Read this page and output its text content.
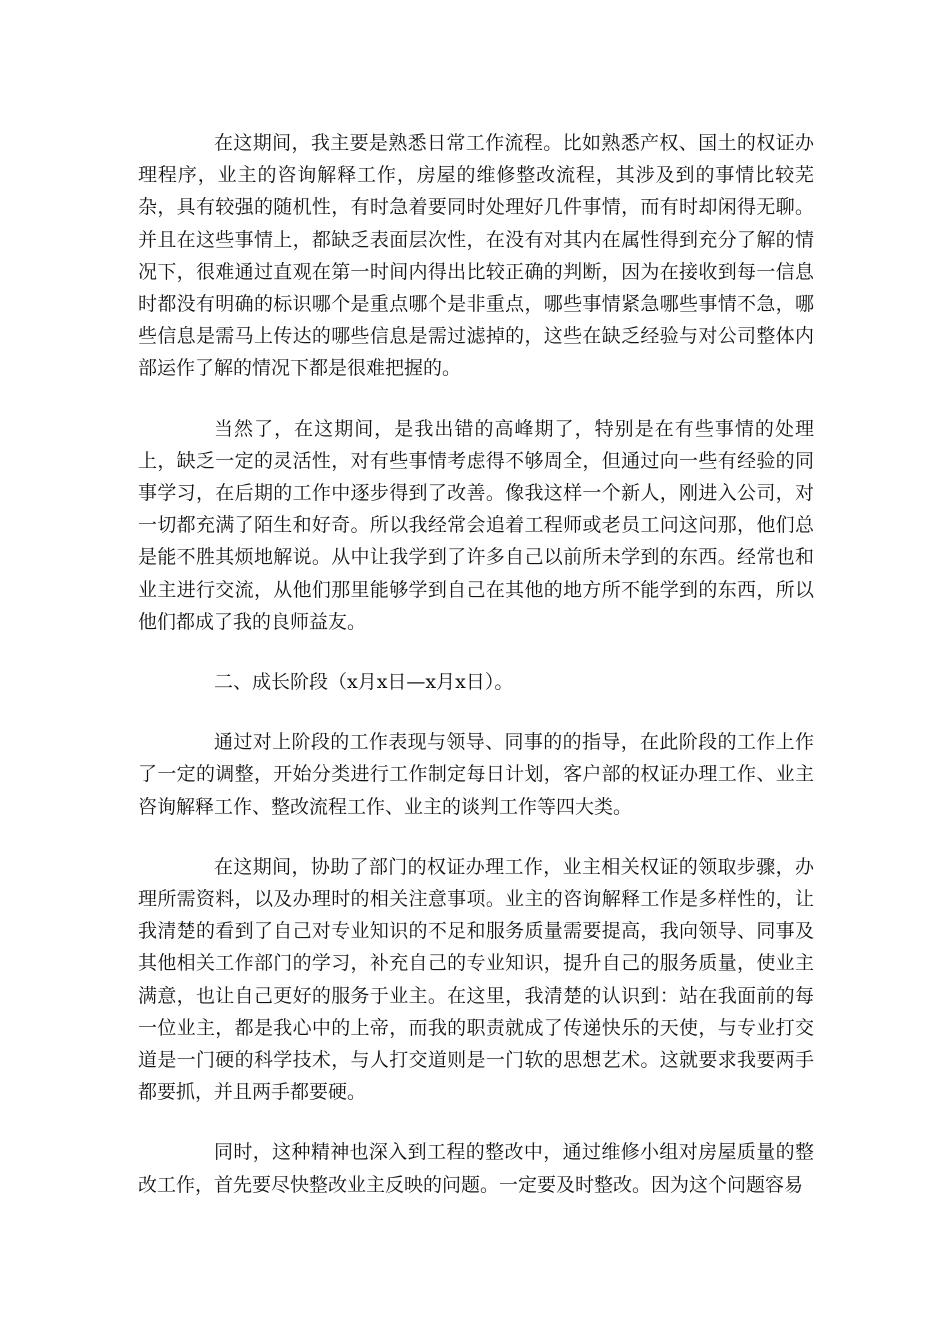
在这期间，我主要是熟悉日常工作流程。比如熟悉产权、国土的权证办理程序，业主的咨询解释工作，房屋的维修整改流程，其涉及到的事情比较芜杂，具有较强的随机性，有时急着要同时处理好几件事情，而有时却闲得无聊。并且在这些事情上，都缺乏表面层次性，在没有对其内在属性得到充分了解的情况下，很难通过直观在第一时间内得出比较正确的判断，因为在接收到每一信息时都没有明确的标识哪个是重点哪个是非重点，哪些事情紧急哪些事情不急，哪些信息是需马上传达的哪些信息是需过滤掉的，这些在缺乏经验与对公司整体内部运作了解的情况下都是很难把握的。

当然了，在这期间，是我出错的高峰期了，特别是在有些事情的处理上，缺乏一定的灵活性，对有些事情考虑得不够周全，但通过向一些有经验的同事学习，在后期的工作中逐步得到了改善。像我这样一个新人，刚进入公司，对一切都充满了陌生和好奇。所以我经常会追着工程师或老员工问这问那，他们总是能不胜其烦地解说。从中让我学到了许多自己以前所未学到的东西。经常也和业主进行交流，从他们那里能够学到自己在其他的地方所不能学到的东西，所以他们都成了我的良师益友。

二、成长阶段（x月x日—x月x日）。

通过对上阶段的工作表现与领导、同事的的指导，在此阶段的工作上作了一定的调整，开始分类进行工作制定每日计划，客户部的权证办理工作、业主咨询解释工作、整改流程工作、业主的谈判工作等四大类。

在这期间，协助了部门的权证办理工作，业主相关权证的领取步骤，办理所需资料，以及办理时的相关注意事项。业主的咨询解释工作是多样性的，让我清楚的看到了自己对专业知识的不足和服务质量需要提高，我向领导、同事及其他相关工作部门的学习，补充自己的专业知识，提升自己的服务质量，使业主满意，也让自己更好的服务于业主。在这里，我清楚的认识到：站在我面前的每一位业主，都是我心中的上帝，而我的职责就成了传递快乐的天使，与专业打交道是一门硬的科学技术，与人打交道则是一门软的思想艺术。这就要求我要两手都要抓，并且两手都要硬。

同时，这种精神也深入到工程的整改中，通过维修小组对房屋质量的整改工作，首先要尽快整改业主反映的问题。一定要及时整改。因为这个问题容易
